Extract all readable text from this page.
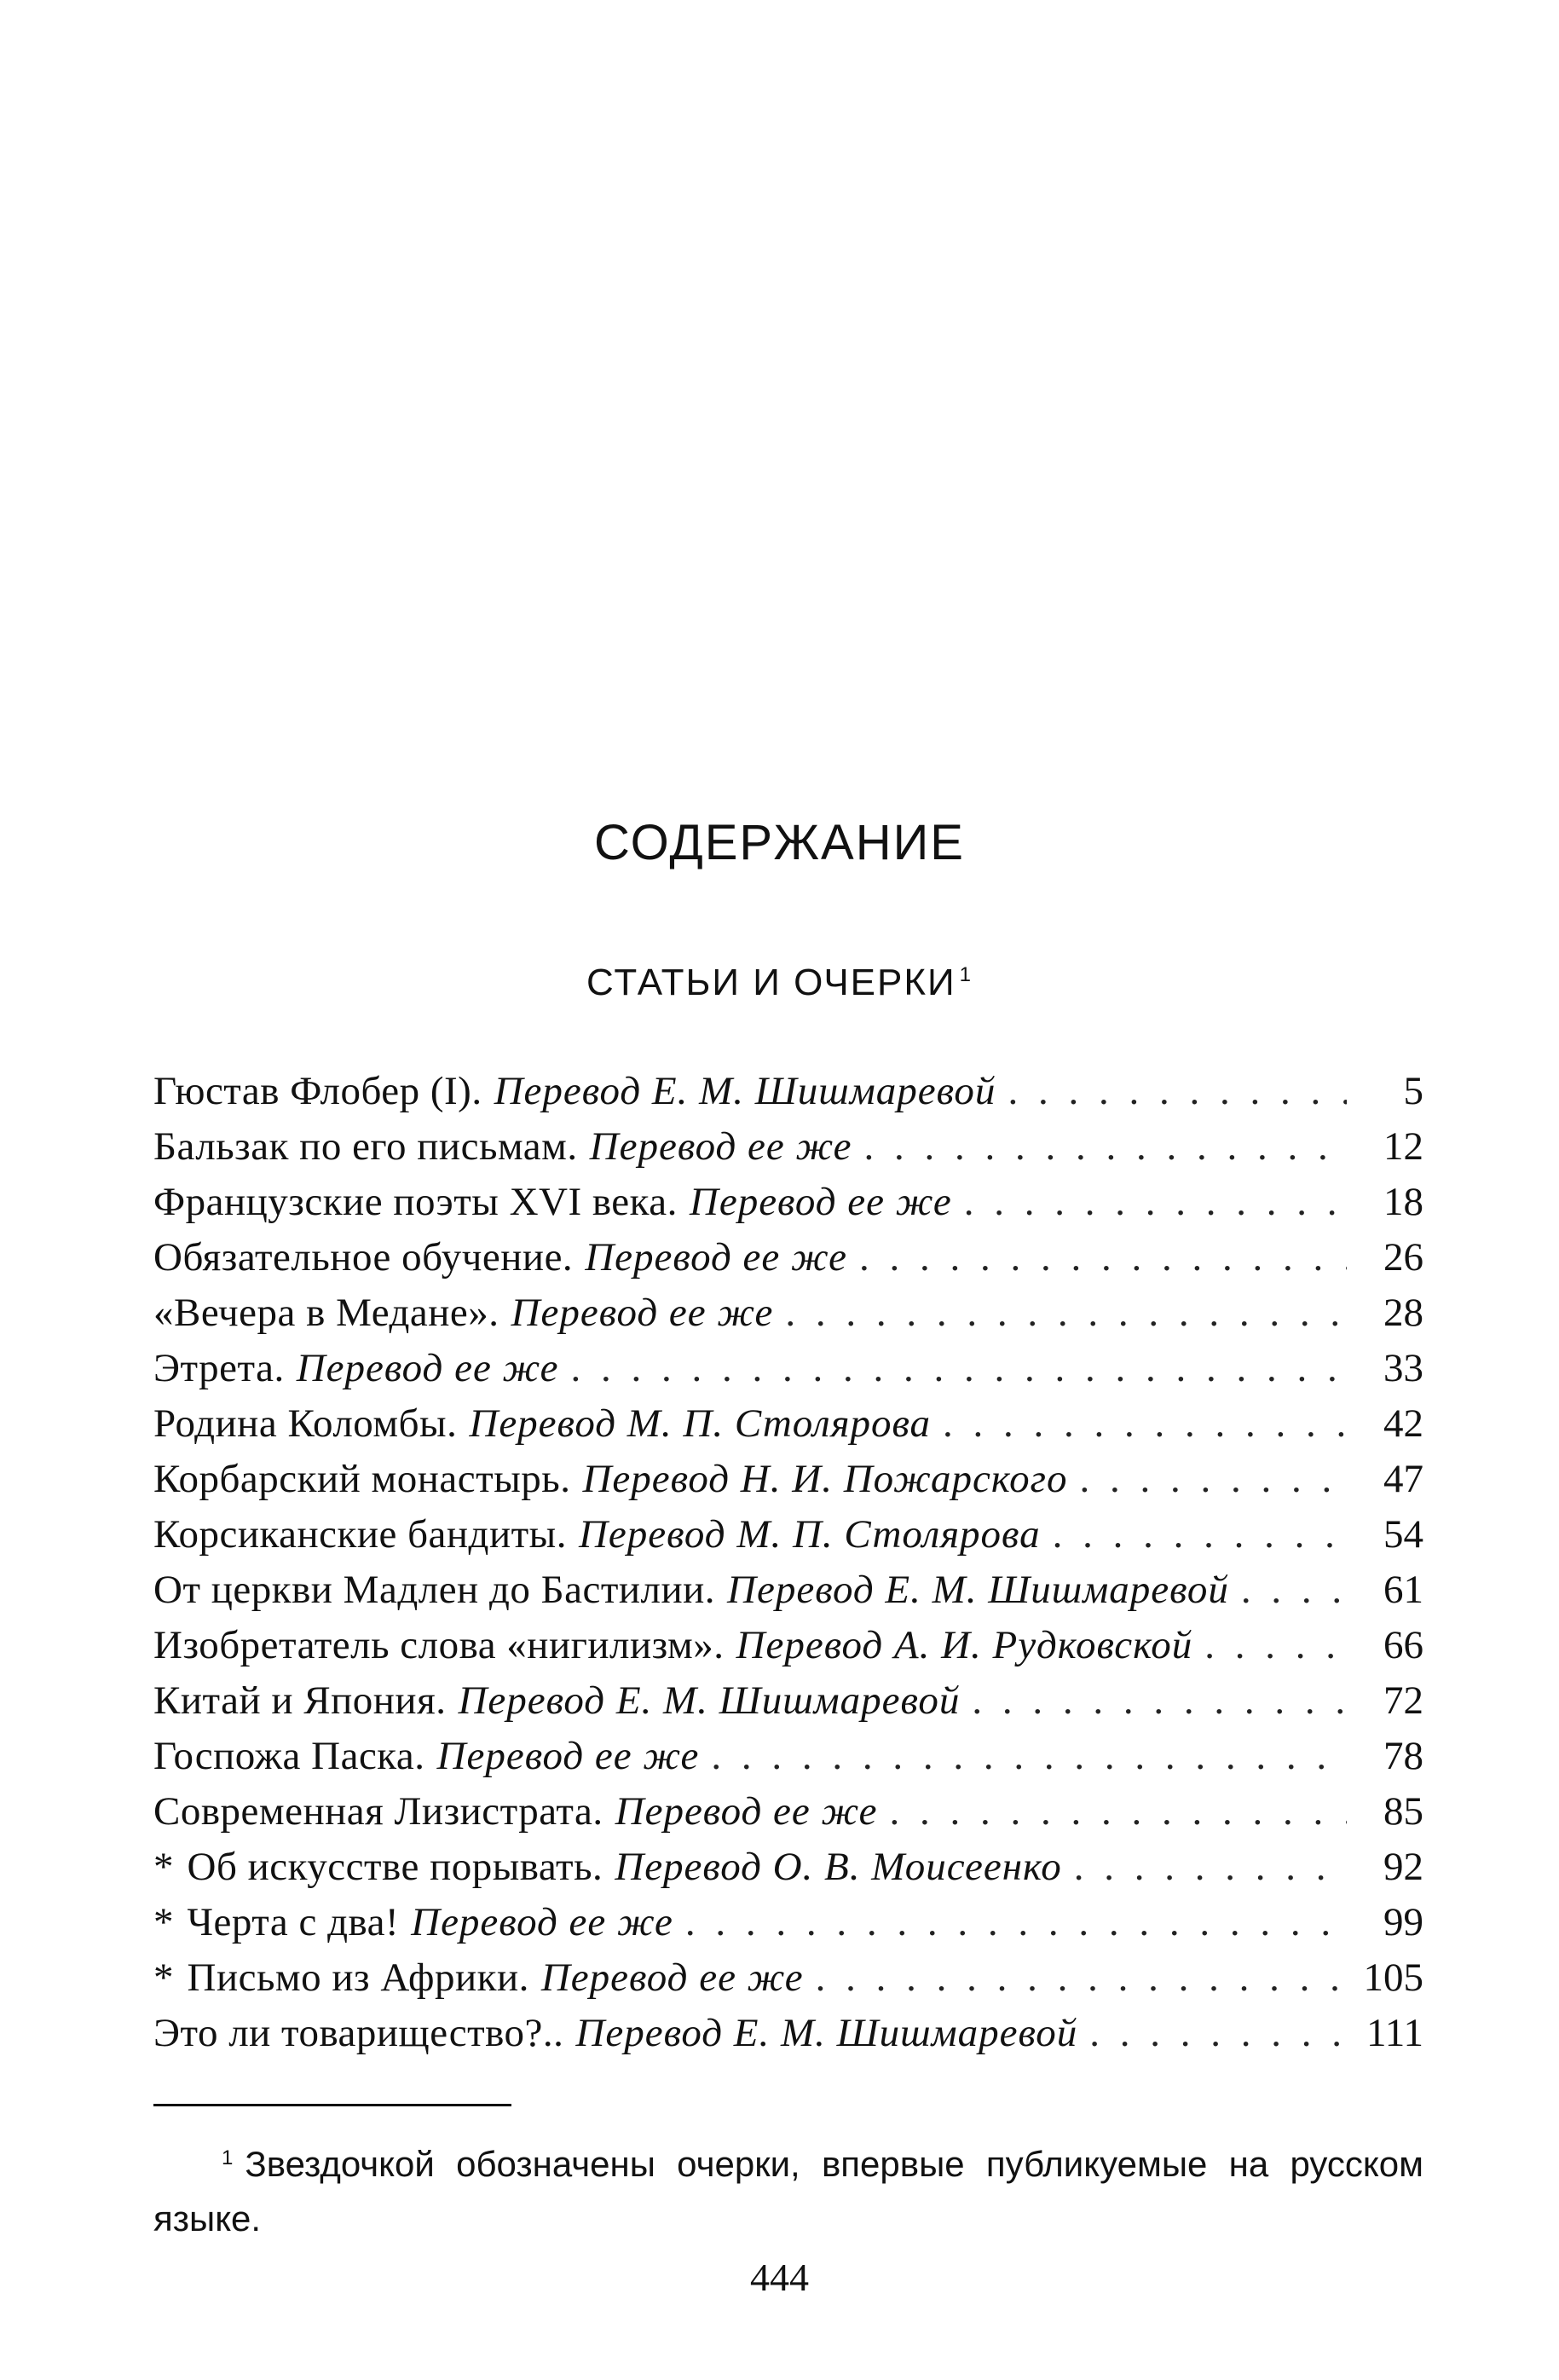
СОДЕРЖАНИЕ
СТАТЬИ И ОЧЕРКИ $^1$
Гюстав Флобер (I). Перевод Е. М. Шишмаревой . . .	5
Бальзак по его письмам. Перевод ее же . . .	12
Французские поэты XVI века. Перевод ее же . . .	18
Обязательное обучение. Перевод ее же . . .	26
«Вечера в Медане». Перевод ее же . . .	28
Этрета. Перевод ее же . . .	33
Родина Коломбы. Перевод М. П. Столярова . . .	42
Корбарский монастырь. Перевод Н. И. Пожарского . . .	47
Корсиканские бандиты. Перевод М. П. Столярова . . .	54
От церкви Мадлен до Бастилии. Перевод Е. М. Шишмаревой . . .	61
Изобретатель слова «нигилизм». Перевод А. И. Рудковской . . .	66
Китай и Япония. Перевод Е. М. Шишмаревой . . .	72
Госпожа Паска. Перевод ее же . . .	78
Современная Лизистрата. Перевод ее же . . .	85
* Об искусстве порывать. Перевод О. В. Моисеенко . . .	92
* Черта с два! Перевод ее же . . .	99
* Письмо из Африки. Перевод ее же . . .	105
Это ли товарищество?.. Перевод Е. М. Шишмаревой . . .	111
$^1$ Звездочкой обозначены очерки, впервые публикуемые на русском языке.
444
